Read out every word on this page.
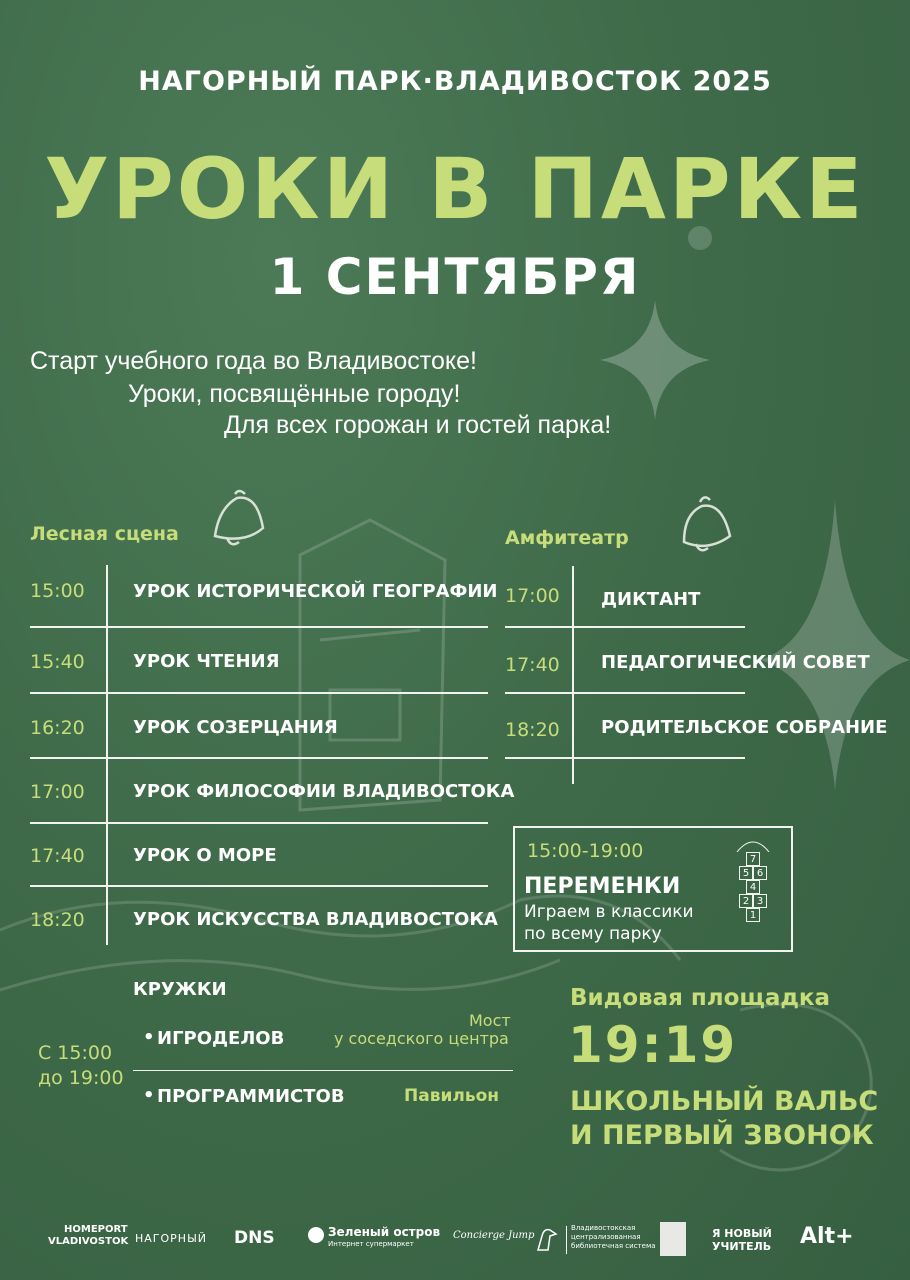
НАГОРНЫЙ ПАРК·ВЛАДИВОСТОК 2025
УРОКИ В ПАРКЕ
1 СЕНТЯБРЯ
Старт учебного года во Владивостоке!
Уроки, посвящённые городу!
Для всех горожан и гостей парка!
Лесная сцена
15:00	УРОК ИСТОРИЧЕСКОЙ ГЕОГРАФИИ
15:40	УРОК ЧТЕНИЯ
16:20	УРОК СОЗЕРЦАНИЯ
17:00	УРОК ФИЛОСОФИИ ВЛАДИВОСТОКА
17:40	УРОК О МОРЕ
18:20	УРОК ИСКУССТВА ВЛАДИВОСТОКА
Амфитеатр
17:00 ДИКТАНТ
17:40 ПЕДАГОГИЧЕСКИЙ СОВЕТ
18:20 РОДИТЕЛЬСКОЕ СОБРАНИЕ
15:00-19:00
ПЕРЕМЕНКИ
Играем в классики
по всему парку
7
5 6
4
2 3
1
КРУЖКИ
С 15:00
до 19:00
• ИГРОДЕЛОВ
Мост
у соседского центра
• ПРОГРАММИСТОВ	Павильон
Видовая площадка
19:19
ШКОЛЬНЫЙ ВАЛЬС
И ПЕРВЫЙ ЗВОНОК
HOMEPORT
VLADIVOSTOK НАГОРНЫЙ DNS	Зеленый остров
Интернет супермаркет
Concierge Jump
Владивостокская
централизованная
библиотечная система
Я НОВЫЙ
УЧИТЕЛЬ Alt+
